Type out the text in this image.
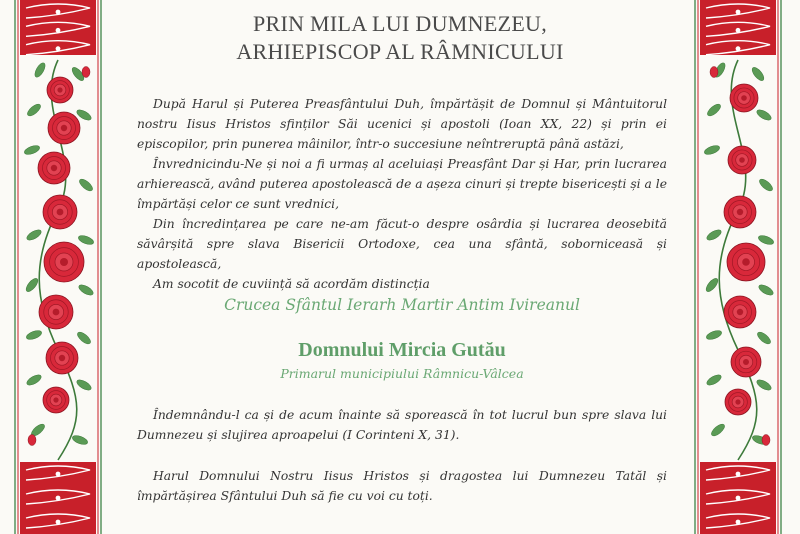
PRIN MILA LUI DUMNEZEU,
ARHIEPISCOP AL RÂMNICULUI

După Harul și Puterea Preasfântului Duh, împărtășit de Domnul și Mântuitorul nostru Iisus Hristos sfinților Săi ucenici și apostoli (Ioan XX, 22) și prin ei episcopilor, prin punerea mâinilor, într-o succesiune neîntreruptă până astăzi,

Învrednicindu-Ne și noi a fi urmaș al aceluiași Preasfânt Dar și Har, prin lucrarea arhierească, având puterea apostolească de a așeza cinuri și trepte bisericești și a le împărtăși celor ce sunt vrednici,

Din încredințarea pe care ne-am făcut-o despre osârdia și lucrarea deosebită săvârșită spre slava Bisericii Ortodoxe, cea una sfântă, soborniceasă și apostolească,

Am socotit de cuviință să acordăm distincția

Crucea Sfântul Ierarh Martir Antim Ivireanul
Domnului Mircia Gutău
Primarul municipiului Râmnicu-Vâlcea

Îndemnându-l ca și de acum înainte să sporească în tot lucrul bun spre slava lui Dumnezeu și slujirea aproapelui (I Corinteni X, 31).

Harul Domnului Nostru Iisus Hristos și dragostea lui Dumnezeu Tatăl și împărtășirea Sfântului Duh să fie cu voi cu toți.
